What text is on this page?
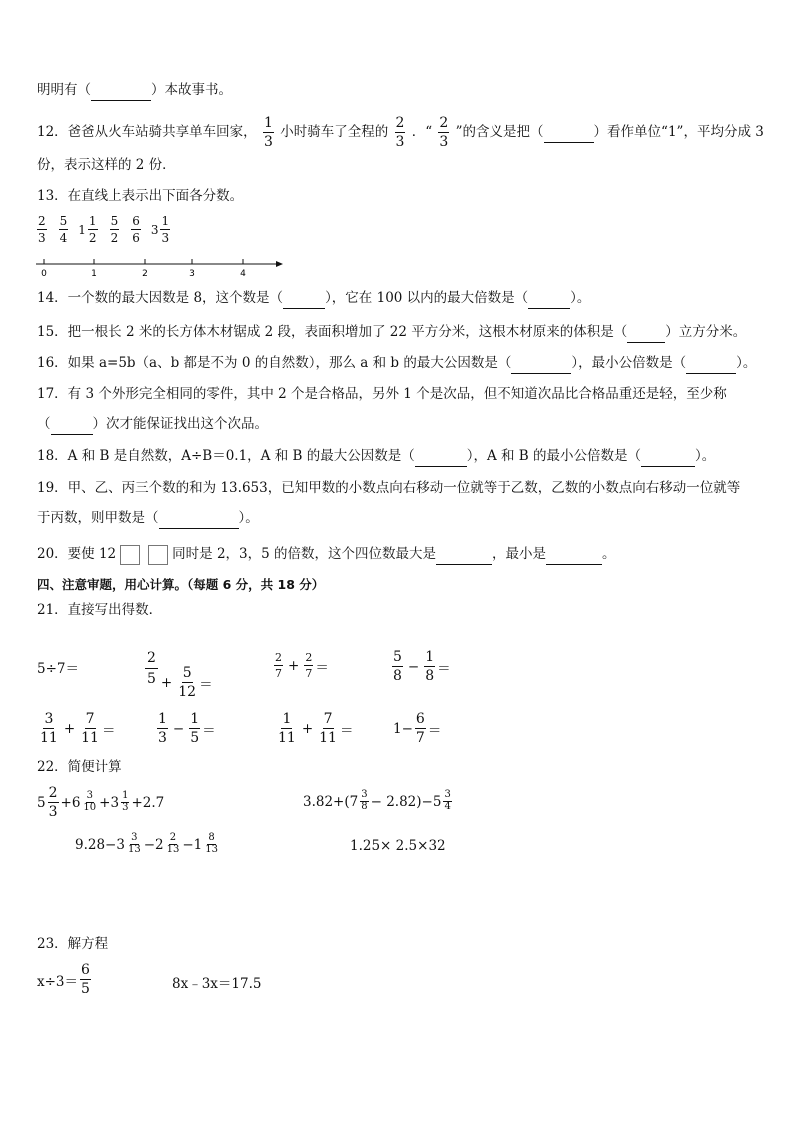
明明有（	）本故事书。
12．爸爸从火车站骑共享单车回家， $\frac{1}{3}$ 小时骑车了全程的 $\frac{2}{3}$ ．“ $\frac{2}{3}$ ”的含义是把（	）看作单位“1”，平均分成 3
份，表示这样的 2 份．
13．在直线上表示出下面各分数。
2
3
5
4
1
1
2
5
2
6
6
3
1
3
0	1	2	3	4
14．一个数的最大因数是 8，这个数是（	），它在 100 以内的最大倍数是（	）。
15．把一根长 2 米的长方体木材锯成 2 段，表面积增加了 22 平方分米，这根木材原来的体积是（	）立方分米。
16．如果 a=5b（a、b 都是不为 0 的自然数），那么 a 和 b 的最大公因数是（	），最小公倍数是（	）。
17．有 3 个外形完全相同的零件，其中 2 个是合格品，另外 1 个是次品，但不知道次品比合格品重还是轻，至少称
（	）次才能保证找出这个次品。
18．A 和 B 是自然数，A÷B＝0.1，A 和 B 的最大公因数是（	），A 和 B 的最小公倍数是（	）。
19．甲、乙、丙三个数的和为 13.653，已知甲数的小数点向右移动一位就等于乙数，乙数的小数点向右移动一位就等
于丙数，则甲数是（	）。
20．要使 12	同时是 2，3，5 的倍数，这个四位数最大是	，最小是	。
四、注意审题，用心计算。（每题 6 分，共 18 分）
21．直接写出得数．
5÷7＝
2
$5 + \frac{5}{12}$ ＝
2
$7 + \frac{2}{7}$ ＝
5
8
− $\frac{1}{8}$ ＝
3
11
+ $\frac{7}{11}$ ＝
1
3
− $\frac{1}{5}$ ＝
1
11
+ $\frac{7}{11}$ ＝	$1- \frac{6}{7}$ ＝
22．简便计算
5
2
3
+6 3
10 +3 1
3 +2.7	3.82+(7 3
8 − 2.82)−5 3
4
9.28−3 3
13 −2 2
13 −1 8
13	1.25× 2.5×32
23．解方程
x÷3＝
6
5	8x﹣3x＝17.5
